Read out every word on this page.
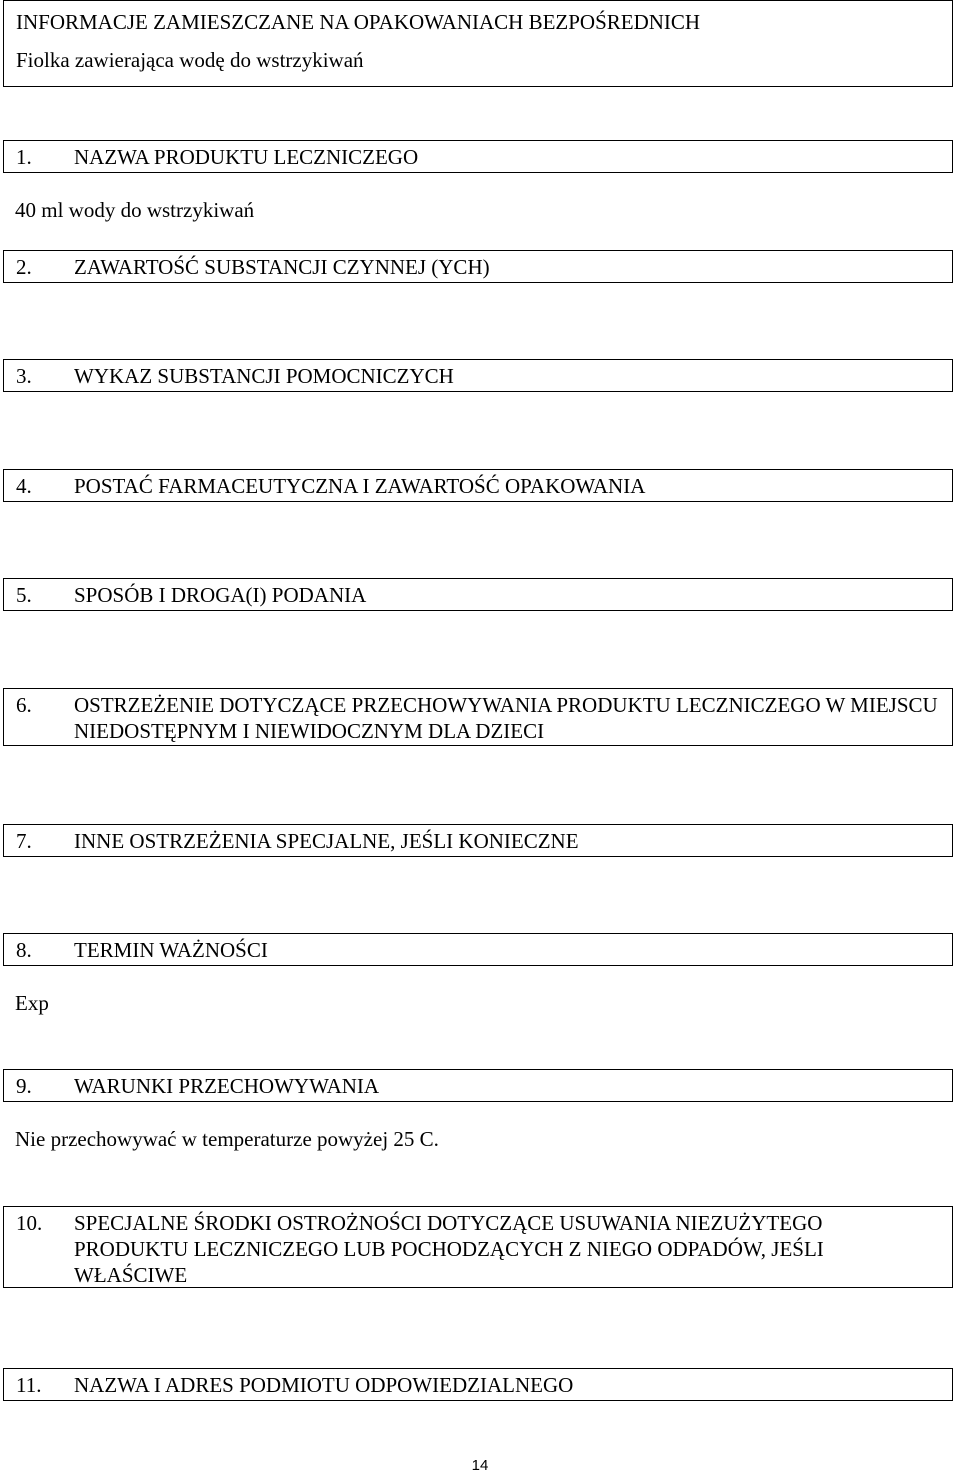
INFORMACJE ZAMIESZCZANE NA OPAKOWANIACH BEZPOŚREDNICH
Fiolka zawierająca wodę do wstrzykiwań
1.	NAZWA PRODUKTU LECZNICZEGO
40 ml wody do wstrzykiwań
2.	ZAWARTOŚĆ SUBSTANCJI CZYNNEJ (YCH)
3.	WYKAZ SUBSTANCJI POMOCNICZYCH
4.	POSTAĆ FARMACEUTYCZNA I ZAWARTOŚĆ OPAKOWANIA
5.	SPOSÓB I DROGA(I) PODANIA
6.	OSTRZEŻENIE DOTYCZĄCE PRZECHOWYWANIA PRODUKTU LECZNICZEGO W MIEJSCU NIEDOSTĘPNYM I NIEWIDOCZNYM DLA DZIECI
7.	INNE OSTRZEŻENIA SPECJALNE, JEŚLI KONIECZNE
8.	TERMIN WAŻNOŚCI
Exp
9.	WARUNKI PRZECHOWYWANIA
Nie przechowywać w temperaturze powyżej 25 C.
10.	SPECJALNE ŚRODKI OSTROŻNOŚCI DOTYCZĄCE USUWANIA NIEZUŻYTEGO PRODUKTU LECZNICZEGO LUB POCHODZĄCYCH Z NIEGO ODPADÓW, JEŚLI WŁAŚCIWE
11.	NAZWA I ADRES PODMIOTU ODPOWIEDZIALNEGO
14
